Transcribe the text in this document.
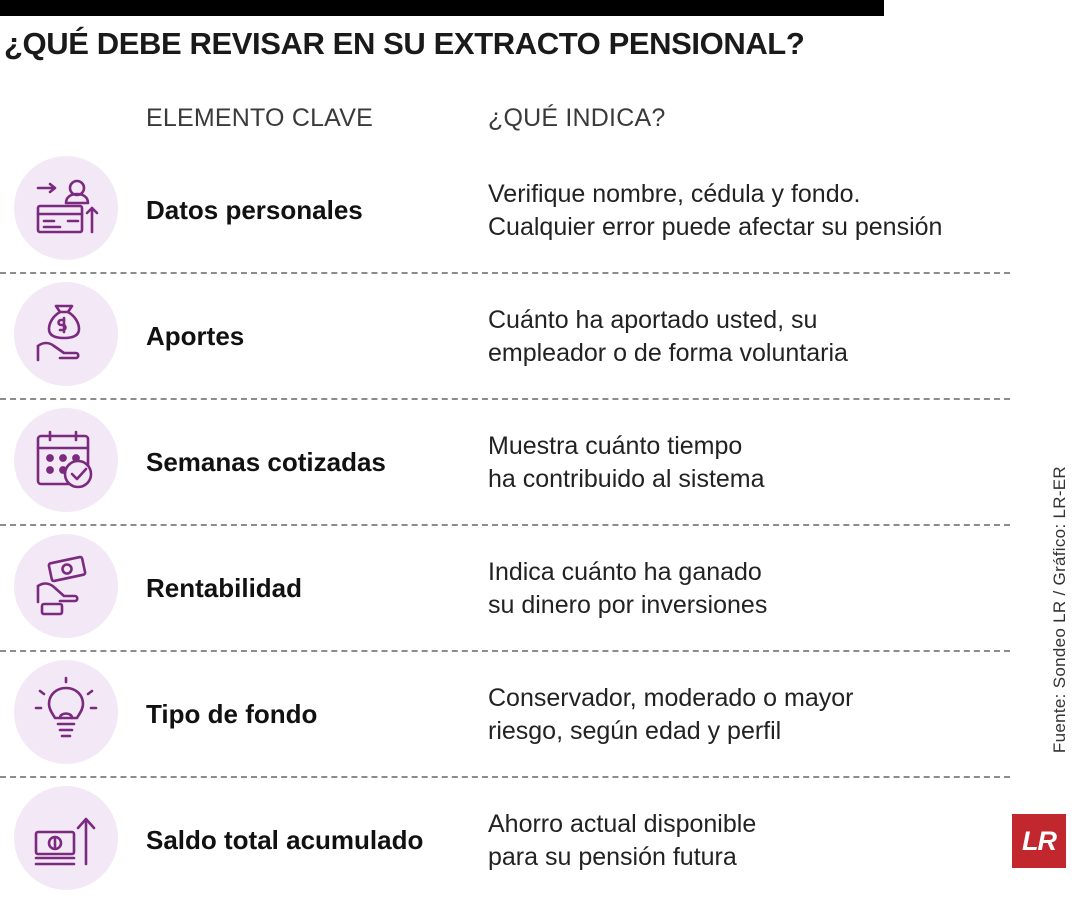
¿QUÉ DEBE REVISAR EN SU EXTRACTO PENSIONAL?
ELEMENTO CLAVE	¿QUÉ INDICA?
Datos personales
Verifique nombre, cédula y fondo.
Cualquier error puede afectar su pensión
Aportes
Cuánto ha aportado usted, su
empleador o de forma voluntaria
Semanas cotizadas
Muestra cuánto tiempo
ha contribuido al sistema
Rentabilidad
Indica cuánto ha ganado
su dinero por inversiones
Tipo de fondo
Conservador, moderado o mayor
riesgo, según edad y perfil
Saldo total acumulado
Ahorro actual disponible
para su pensión futura
Fuente: Sondeo LR / Gráfico: LR-ER
LR
